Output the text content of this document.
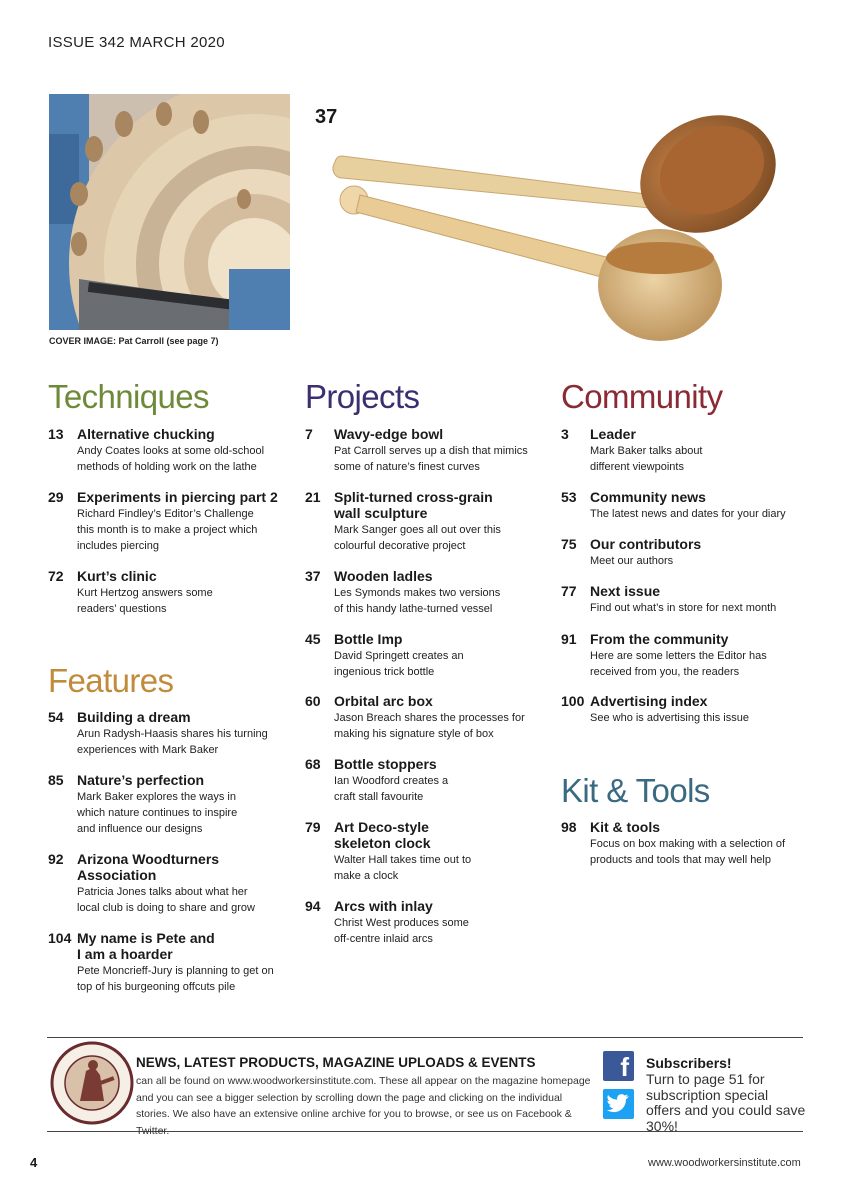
ISSUE 342 MARCH 2020
COVER IMAGE: Pat Carroll (see page 7)
37
Techniques
Features
Projects	Community
Kit & Tools
13 Alternative chucking
Andy Coates looks at some old-school methods of holding work on the lathe
29 Experiments in piercing part 2
Richard Findley’s Editor’s Challenge this month is to make a project which includes piercing
72 Kurt’s clinic
Kurt Hertzog answers some readers’ questions
54 Building a dream
Arun Radysh-Haasis shares his turning experiences with Mark Baker
85 Nature’s perfection
Mark Baker explores the ways in which nature continues to inspire and influence our designs
92 Arizona Woodturners Association
Patricia Jones talks about what her local club is doing to share and grow
104 My name is Pete and I am a hoarder
Pete Moncrieff-Jury is planning to get on top of his burgeoning offcuts pile
7 Wavy-edge bowl
Pat Carroll serves up a dish that mimics some of nature’s finest curves
21 Split-turned cross-grain wall sculpture
Mark Sanger goes all out over this colourful decorative project
37 Wooden ladles
Les Symonds makes two versions of this handy lathe-turned vessel
45 Bottle Imp
David Springett creates an ingenious trick bottle
60 Orbital arc box
Jason Breach shares the processes for making his signature style of box
68 Bottle stoppers
Ian Woodford creates a craft stall favourite
79 Art Deco-style skeleton clock
Walter Hall takes time out to make a clock
94 Arcs with inlay
Christ West produces some off-centre inlaid arcs
3 Leader
Mark Baker talks about different viewpoints
53 Community news
The latest news and dates for your diary
75 Our contributors
Meet our authors
77 Next issue
Find out what’s in store for next month
91 From the community
Here are some letters the Editor has received from you, the readers
100 Advertising index
See who is advertising this issue
98 Kit & tools
Focus on box making with a selection of products and tools that may well help
NEWS, LATEST PRODUCTS, MAGAZINE UPLOADS & EVENTS
can all be found on www.woodworkersinstitute.com. These all appear on the magazine homepage and you can see a bigger selection by scrolling down the page and clicking on the individual stories. We also have an extensive online archive for you to browse, or see us on Facebook & Twitter.
f	Subscribers!
Turn to page 51 for subscription special offers and you could save 30%!
4	www.woodworkersinstitute.com
